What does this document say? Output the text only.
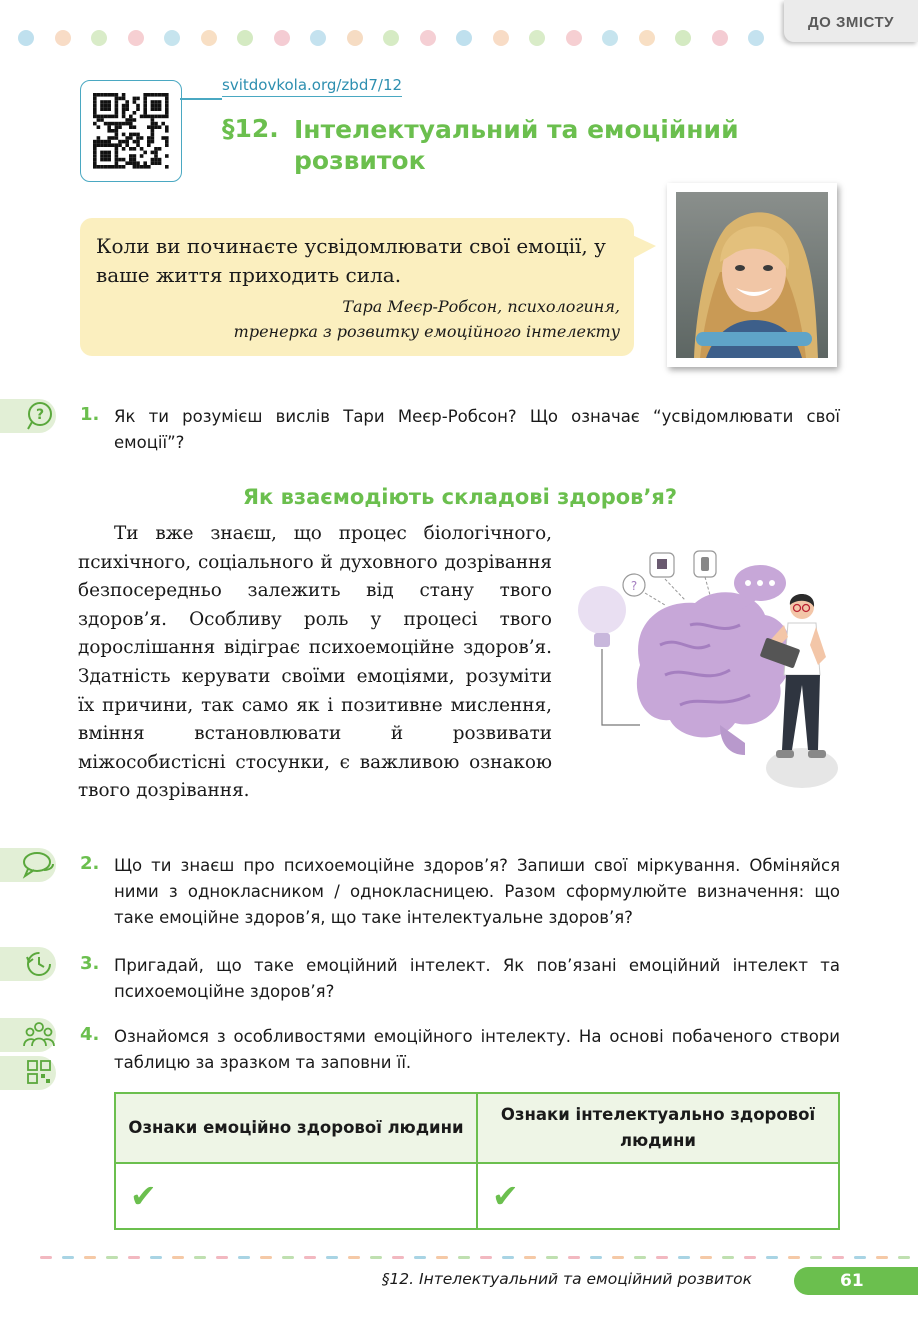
ДО ЗМІСТУ
svitdovkola.org/zbd7/12
§12. Інтелектуальний та емоційний розвиток
Коли ви починаєте усвідомлювати свої емоції, у ваше життя приходить сила.
Тара Меєр-Робсон, психологиня,
тренерка з розвитку емоційного інтелекту
? 1. Як ти розумієш вислів Тари Меєр-Робсон? Що означає “усвідомлювати свої емоції”?
Як взаємодіють складові здоров’я?
Ти вже знаєш, що процес біологічного, психічного, соціального й духовного дозрівання безпосередньо залежить від стану твого здоров’я. Особливу роль у процесі твого дорослішання відіграє психоемоційне здоров’я. Здатність керувати своїми емоціями, розуміти їх причини, так само як і позитивне мислення, вміння встановлювати й розвивати міжособистісні стосунки, є важливою ознакою твого дозрівання.
?
2. Що ти знаєш про психоемоційне здоров’я? Запиши свої міркування. Обміняйся ними з однокласником / однокласницею. Разом сформулюйте визначення: що таке емоційне здоров’я, що таке інтелектуальне здоров’я?
3. Пригадай, що таке емоційний інтелект. Як пов’язані емоційний інтелект та психоемоційне здоров’я?
4. Ознайомся з особливостями емоційного інтелекту. На основі побаченого створи таблицю за зразком та заповни її.
Ознаки емоційно здорової людини	Ознаки інтелектуально здорової людини
✔	✔
§12. Інтелектуальний та емоційний розвиток	61
